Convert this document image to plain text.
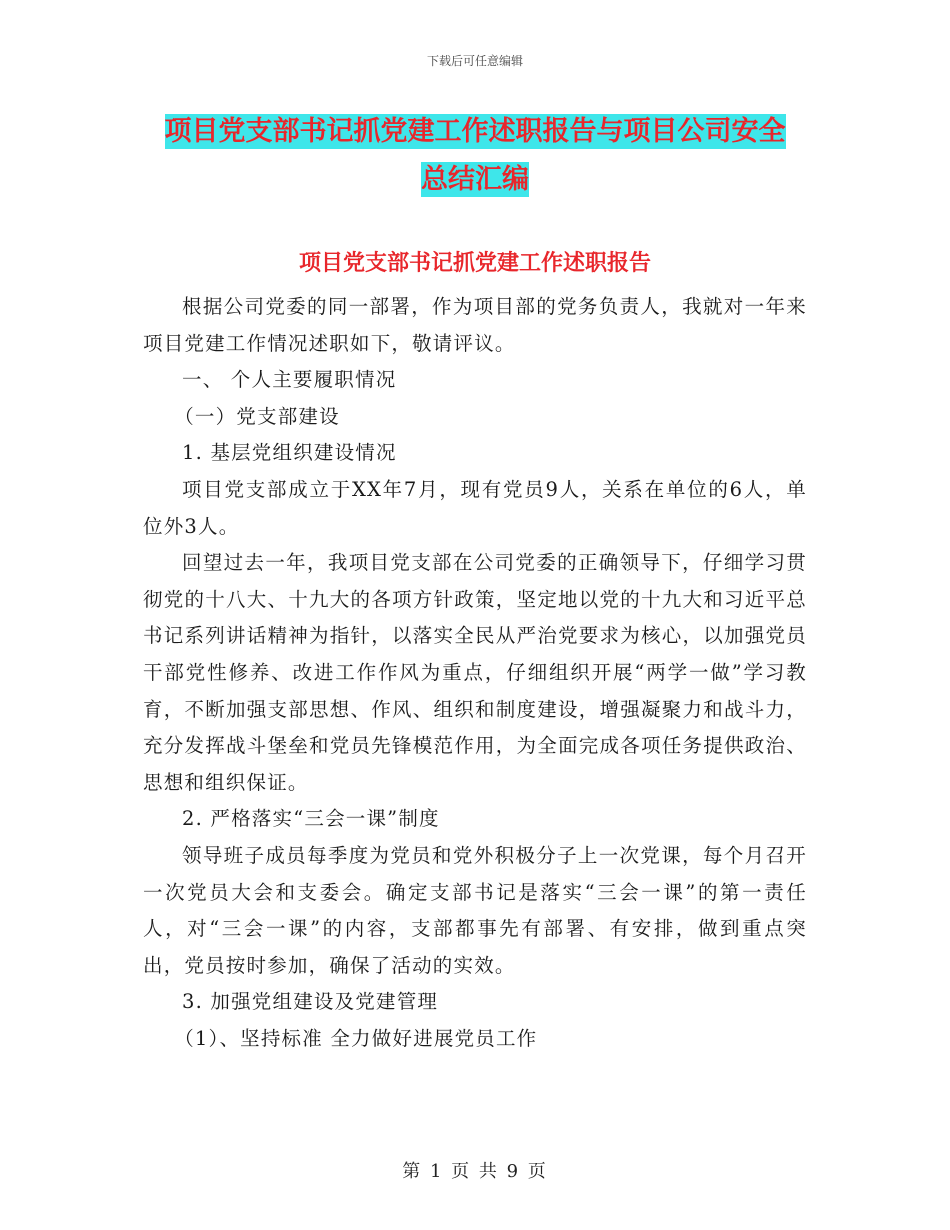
下载后可任意编辑
项目党支部书记抓党建工作述职报告与项目公司安全
总结汇编
项目党支部书记抓党建工作述职报告

根据公司党委的同一部署，作为项目部的党务负责人，我就对一年来项目党建工作情况述职如下，敬请评议。

一、 个人主要履职情况

（一）党支部建设

1. 基层党组织建设情况

项目党支部成立于XX年7月，现有党员9人，关系在单位的6人，单位外3人。

回望过去一年，我项目党支部在公司党委的正确领导下，仔细学习贯彻党的十八大、十九大的各项方针政策，坚定地以党的十九大和习近平总书记系列讲话精神为指针，以落实全民从严治党要求为核心，以加强党员干部党性修养、改进工作作风为重点，仔细组织开展“两学一做”学习教育，不断加强支部思想、作风、组织和制度建设，增强凝聚力和战斗力，充分发挥战斗堡垒和党员先锋模范作用，为全面完成各项任务提供政治、思想和组织保证。

2. 严格落实“三会一课”制度

领导班子成员每季度为党员和党外积极分子上一次党课，每个月召开一次党员大会和支委会。确定支部书记是落实“三会一课”的第一责任人，对“三会一课”的内容，支部都事先有部署、有安排，做到重点突出，党员按时参加，确保了活动的实效。

3. 加强党组建设及党建管理

（1）、坚持标准 全力做好进展党员工作

第 1 页 共 9 页
